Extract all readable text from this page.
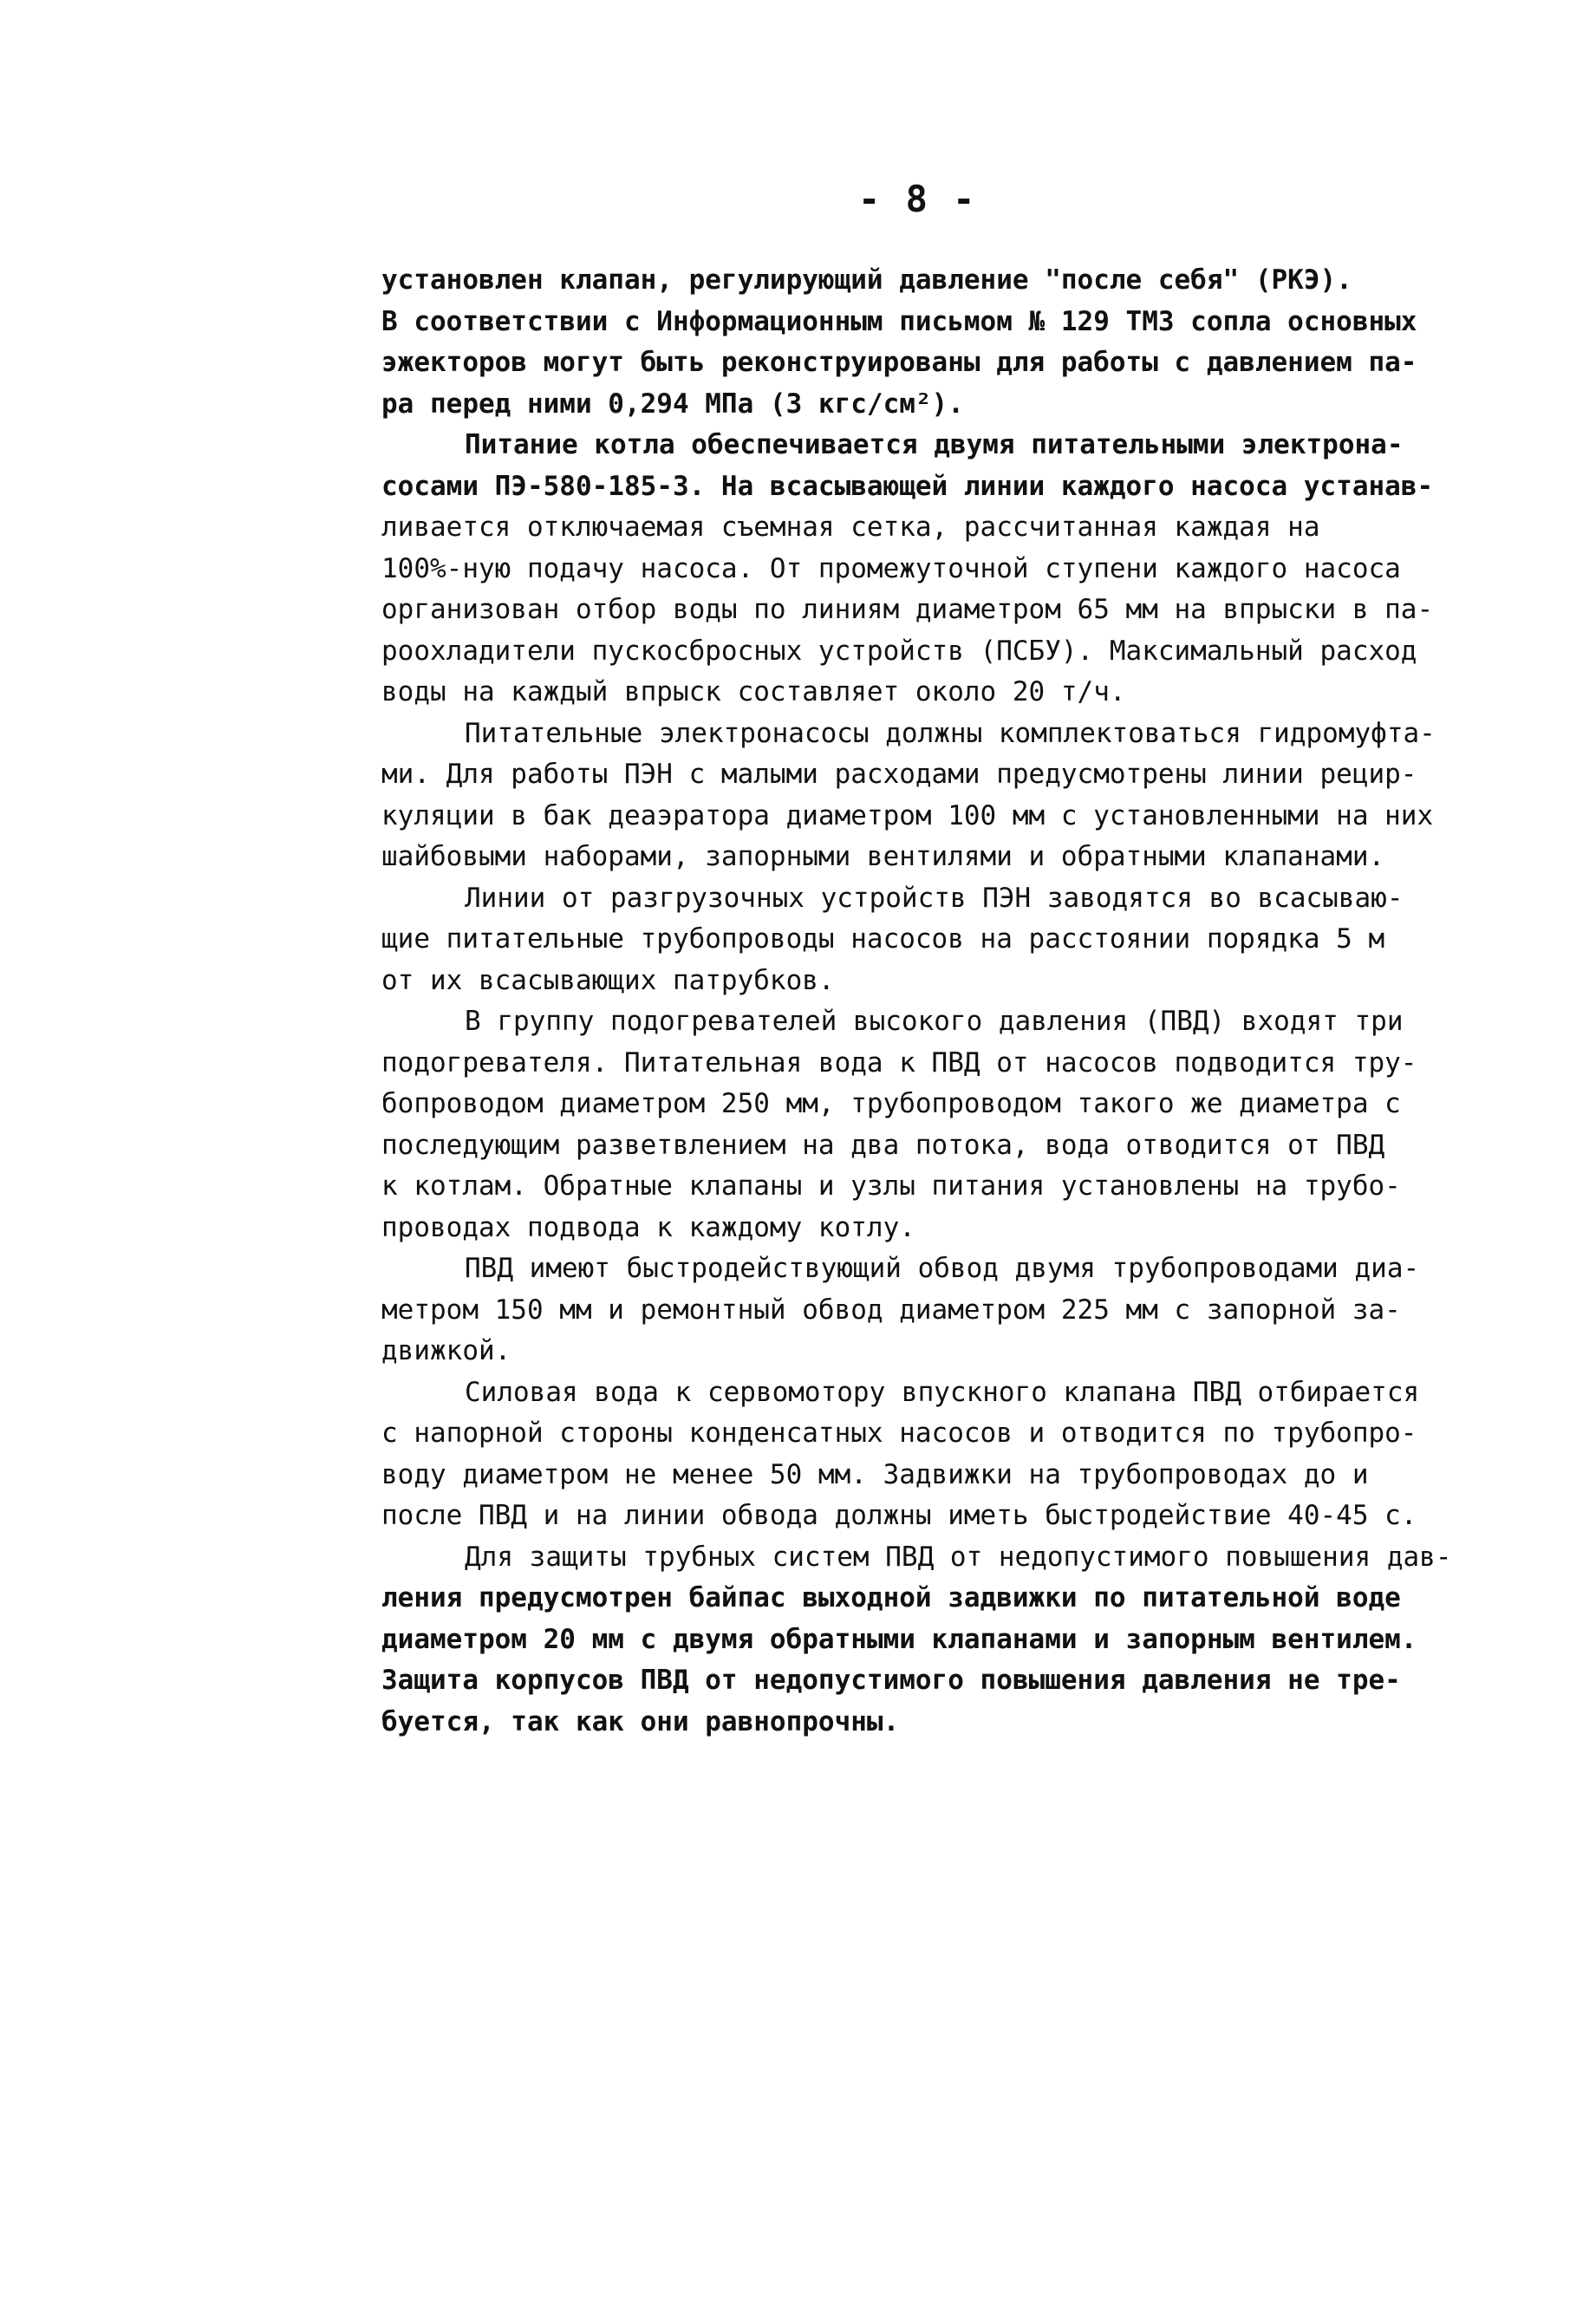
- 8 -
установлен клапан, регулирующий давление "после себя" (РКЭ).
В соответствии с Информационным письмом № 129 ТМЗ сопла основных
эжекторов могут быть реконструированы для работы с давлением па-
ра перед ними 0,294 МПа (3 кгс/см²).
Питание котла обеспечивается двумя питательными электрона-
сосами ПЭ-580-185-3. На всасывающей линии каждого насоса устанав-
ливается отключаемая съемная сетка, рассчитанная каждая на
100%-ную подачу насоса. От промежуточной ступени каждого насоса
организован отбор воды по линиям диаметром 65 мм на впрыски в па-
роохладители пускосбросных устройств (ПСБУ). Максимальный расход
воды на каждый впрыск составляет около 20 т/ч.
Питательные электронасосы должны комплектоваться гидромуфта-
ми. Для работы ПЭН с малыми расходами предусмотрены линии рецир-
куляции в бак деаэратора диаметром 100 мм с установленными на них
шайбовыми наборами, запорными вентилями и обратными клапанами.
Линии от разгрузочных устройств ПЭН заводятся во всасываю-
щие питательные трубопроводы насосов на расстоянии порядка 5 м
от их всасывающих патрубков.
В группу подогревателей высокого давления (ПВД) входят три
подогревателя. Питательная вода к ПВД от насосов подводится тру-
бопроводом диаметром 250 мм, трубопроводом такого же диаметра с
последующим разветвлением на два потока, вода отводится от ПВД
к котлам. Обратные клапаны и узлы питания установлены на трубо-
проводах подвода к каждому котлу.
ПВД имеют быстродействующий обвод двумя трубопроводами диа-
метром 150 мм и ремонтный обвод диаметром 225 мм с запорной за-
движкой.
Силовая вода к сервомотору впускного клапана ПВД отбирается
с напорной стороны конденсатных насосов и отводится по трубопро-
воду диаметром не менее 50 мм. Задвижки на трубопроводах до и
после ПВД и на линии обвода должны иметь быстродействие 40-45 с.
Для защиты трубных систем ПВД от недопустимого повышения дав-
ления предусмотрен байпас выходной задвижки по питательной воде
диаметром 20 мм с двумя обратными клапанами и запорным вентилем.
Защита корпусов ПВД от недопустимого повышения давления не тре-
буется, так как они равнопрочны.
